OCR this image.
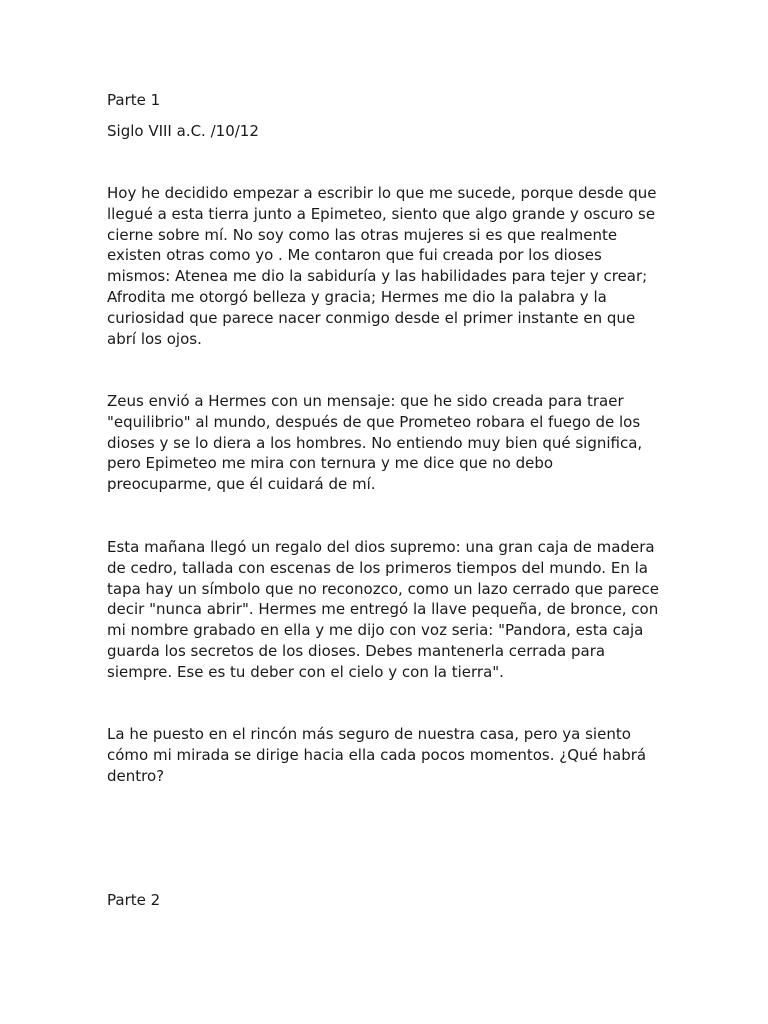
Parte 1
Siglo VIII a.C. /10/12

Hoy he decidido empezar a escribir lo que me sucede, porque desde que
llegué a esta tierra junto a Epimeteo, siento que algo grande y oscuro se
cierne sobre mí. No soy como las otras mujeres si es que realmente
existen otras como yo . Me contaron que fui creada por los dioses
mismos: Atenea me dio la sabiduría y las habilidades para tejer y crear;
Afrodita me otorgó belleza y gracia; Hermes me dio la palabra y la
curiosidad que parece nacer conmigo desde el primer instante en que
abrí los ojos.

Zeus envió a Hermes con un mensaje: que he sido creada para traer
"equilibrio" al mundo, después de que Prometeo robara el fuego de los
dioses y se lo diera a los hombres. No entiendo muy bien qué significa,
pero Epimeteo me mira con ternura y me dice que no debo
preocuparme, que él cuidará de mí.

Esta mañana llegó un regalo del dios supremo: una gran caja de madera
de cedro, tallada con escenas de los primeros tiempos del mundo. En la
tapa hay un símbolo que no reconozco, como un lazo cerrado que parece
decir "nunca abrir". Hermes me entregó la llave pequeña, de bronce, con
mi nombre grabado en ella y me dijo con voz seria: "Pandora, esta caja
guarda los secretos de los dioses. Debes mantenerla cerrada para
siempre. Ese es tu deber con el cielo y con la tierra".

La he puesto en el rincón más seguro de nuestra casa, pero ya siento
cómo mi mirada se dirige hacia ella cada pocos momentos. ¿Qué habrá
dentro?

Parte 2
